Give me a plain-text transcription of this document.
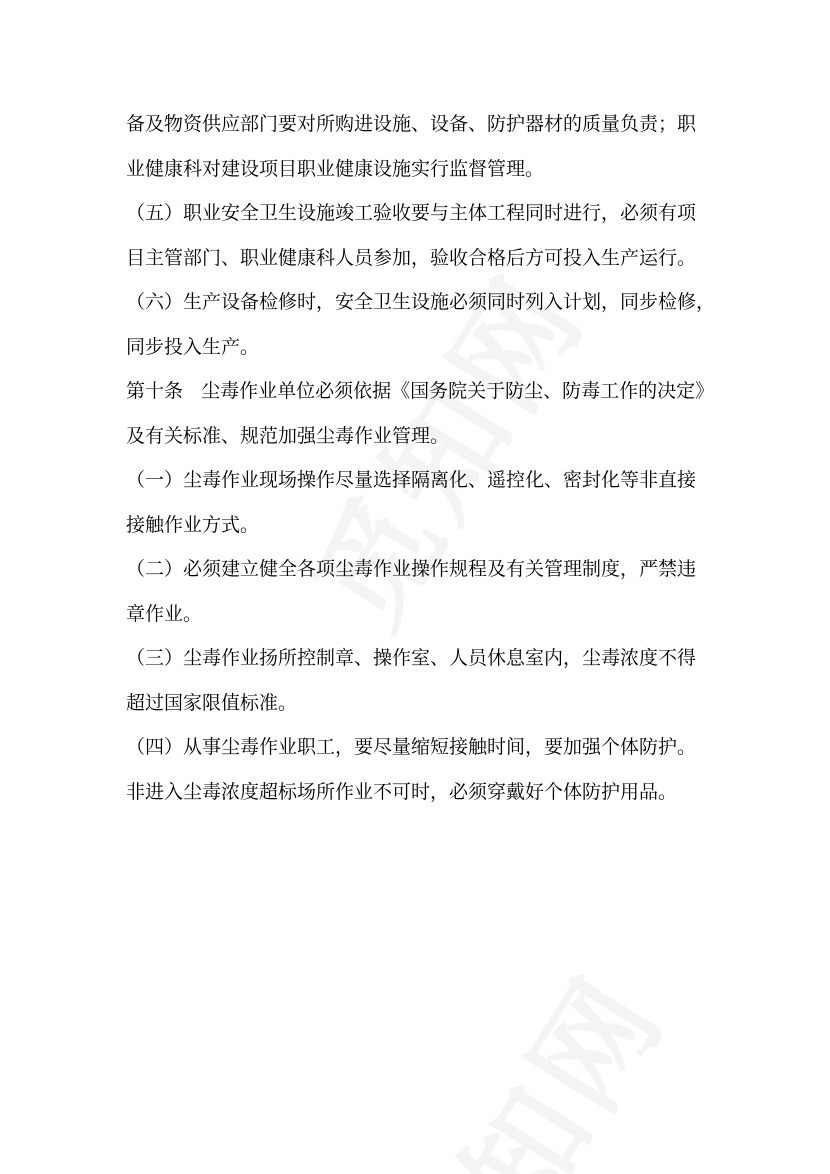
备及物资供应部门要对所购进设施、设备、防护器材的质量负责；职

业健康科对建设项目职业健康设施实行监督管理。

（五）职业安全卫生设施竣工验收要与主体工程同时进行，必须有项

目主管部门、职业健康科人员参加，验收合格后方可投入生产运行。

（六）生产设备检修时，安全卫生设施必须同时列入计划，同步检修，

同步投入生产。

第十条   尘毒作业单位必须依据《国务院关于防尘、防毒工作的决定》

及有关标准、规范加强尘毒作业管理。

（一）尘毒作业现场操作尽量选择隔离化、遥控化、密封化等非直接

接触作业方式。

（二）必须建立健全各项尘毒作业操作规程及有关管理制度，严禁违

章作业。

（三）尘毒作业扬所控制章、操作室、人员休息室内，尘毒浓度不得

超过国家限值标准。

（四）从事尘毒作业职工，要尽量缩短接触时间，要加强个体防护。

非进入尘毒浓度超标场所作业不可时，必须穿戴好个体防护用品。
